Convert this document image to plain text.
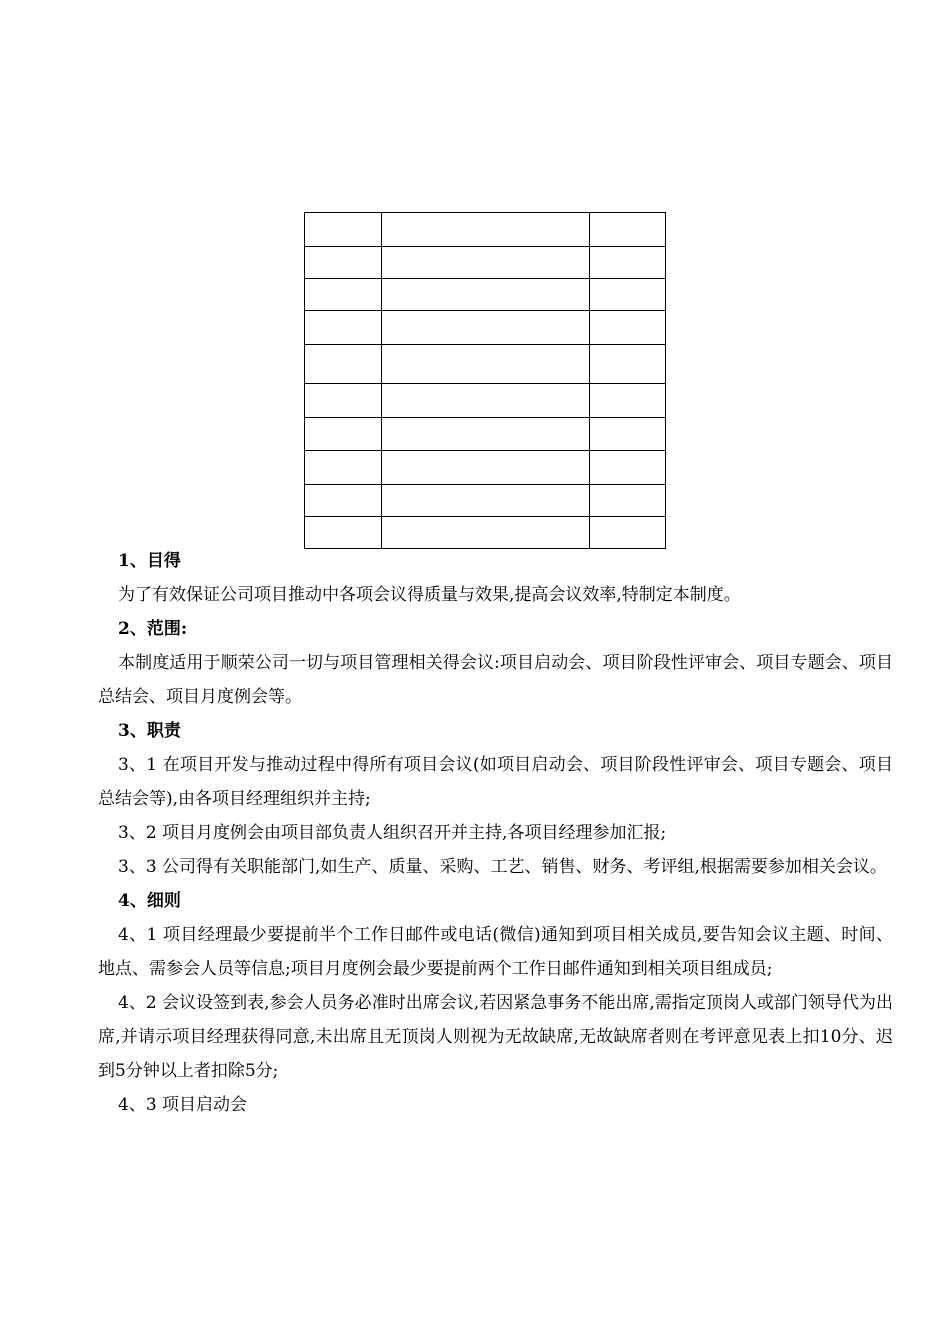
1、目得

为了有效保证公司项目推动中各项会议得质量与效果,提高会议效率,特制定本制度。

2、范围:

本制度适用于顺荣公司一切与项目管理相关得会议:项目启动会、项目阶段性评审会、项目专题会、项目总结会、项目月度例会等。

3、职责

3、1 在项目开发与推动过程中得所有项目会议(如项目启动会、项目阶段性评审会、项目专题会、项目总结会等),由各项目经理组织并主持;

3、2 项目月度例会由项目部负责人组织召开并主持,各项目经理参加汇报;

3、3 公司得有关职能部门,如生产、质量、采购、工艺、销售、财务、考评组,根据需要参加相关会议。

4、细则

4、1 项目经理最少要提前半个工作日邮件或电话(微信)通知到项目相关成员,要告知会议主题、时间、地点、需参会人员等信息;项目月度例会最少要提前两个工作日邮件通知到相关项目组成员;

4、2 会议设签到表,参会人员务必准时出席会议,若因紧急事务不能出席,需指定顶岗人或部门领导代为出席,并请示项目经理获得同意,未出席且无顶岗人则视为无故缺席,无故缺席者则在考评意见表上扣10分、迟到5分钟以上者扣除5分;

4、3 项目启动会
